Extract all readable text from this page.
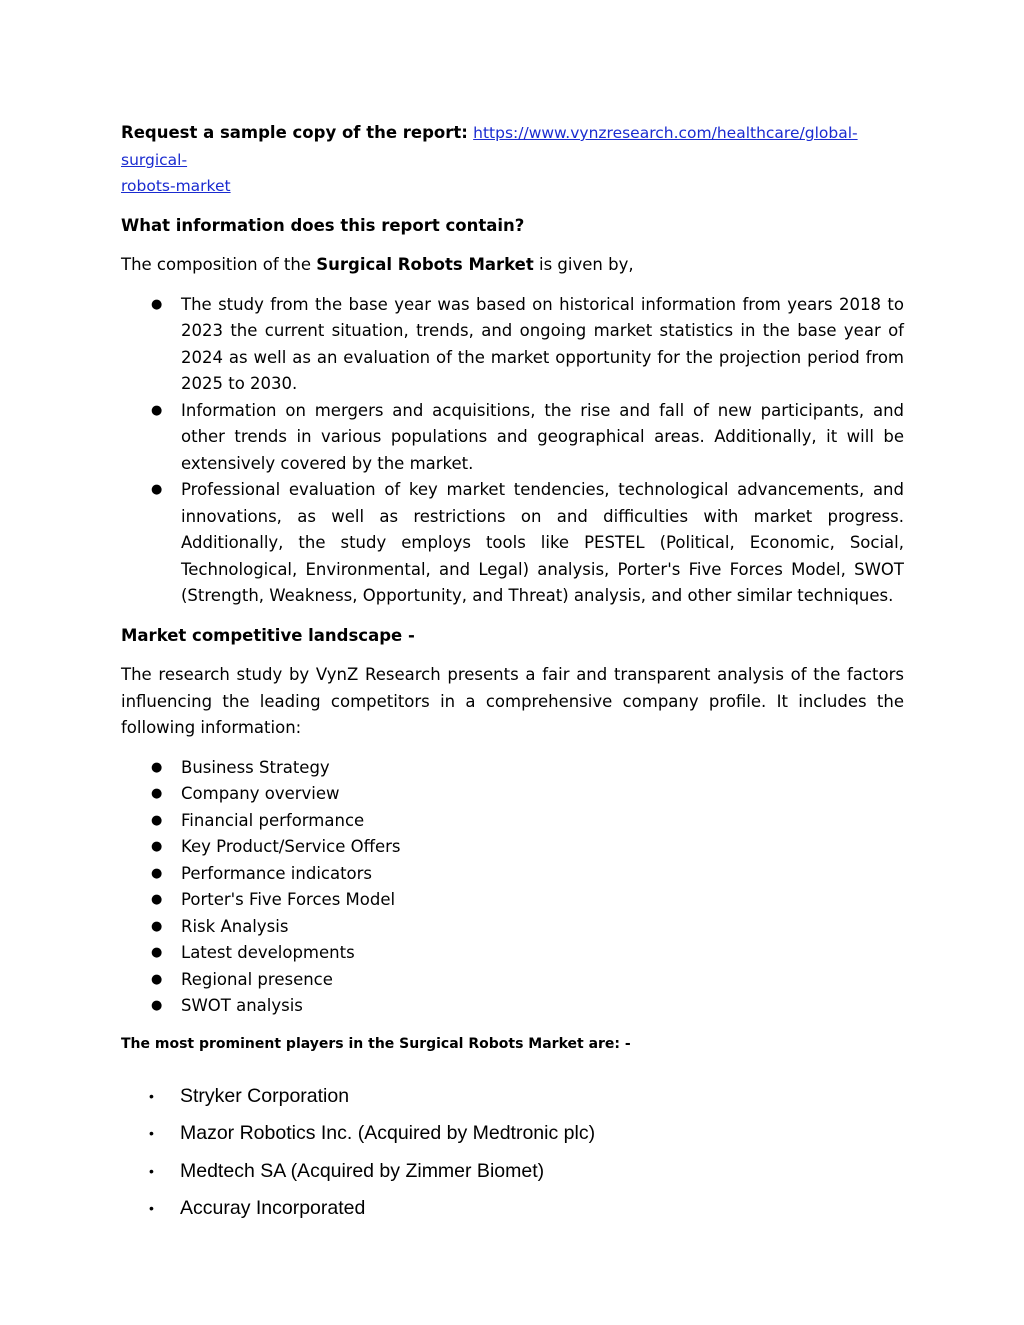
Request a sample copy of the report: https://www.vynzresearch.com/healthcare/global-surgical-
robots-market

What information does this report contain?

The composition of the Surgical Robots Market is given by,

● The study from the base year was based on historical information from years 2018 to 2023 the current situation, trends, and ongoing market statistics in the base year of 2024 as well as an evaluation of the market opportunity for the projection period from 2025 to 2030.
● Information on mergers and acquisitions, the rise and fall of new participants, and other trends in various populations and geographical areas. Additionally, it will be extensively covered by the market.
● Professional evaluation of key market tendencies, technological advancements, and innovations, as well as restrictions on and difficulties with market progress. Additionally, the study employs tools like PESTEL (Political, Economic, Social, Technological, Environmental, and Legal) analysis, Porter's Five Forces Model, SWOT (Strength, Weakness, Opportunity, and Threat) analysis, and other similar techniques.

Market competitive landscape -

The research study by VynZ Research presents a fair and transparent analysis of the factors influencing the leading competitors in a comprehensive company profile. It includes the following information:

● Business Strategy
● Company overview
● Financial performance
● Key Product/Service Offers
● Performance indicators
● Porter's Five Forces Model
● Risk Analysis
● Latest developments
● Regional presence
● SWOT analysis

The most prominent players in the Surgical Robots Market are: -

• Stryker Corporation
• Mazor Robotics Inc. (Acquired by Medtronic plc)
• Medtech SA (Acquired by Zimmer Biomet)
• Accuray Incorporated
